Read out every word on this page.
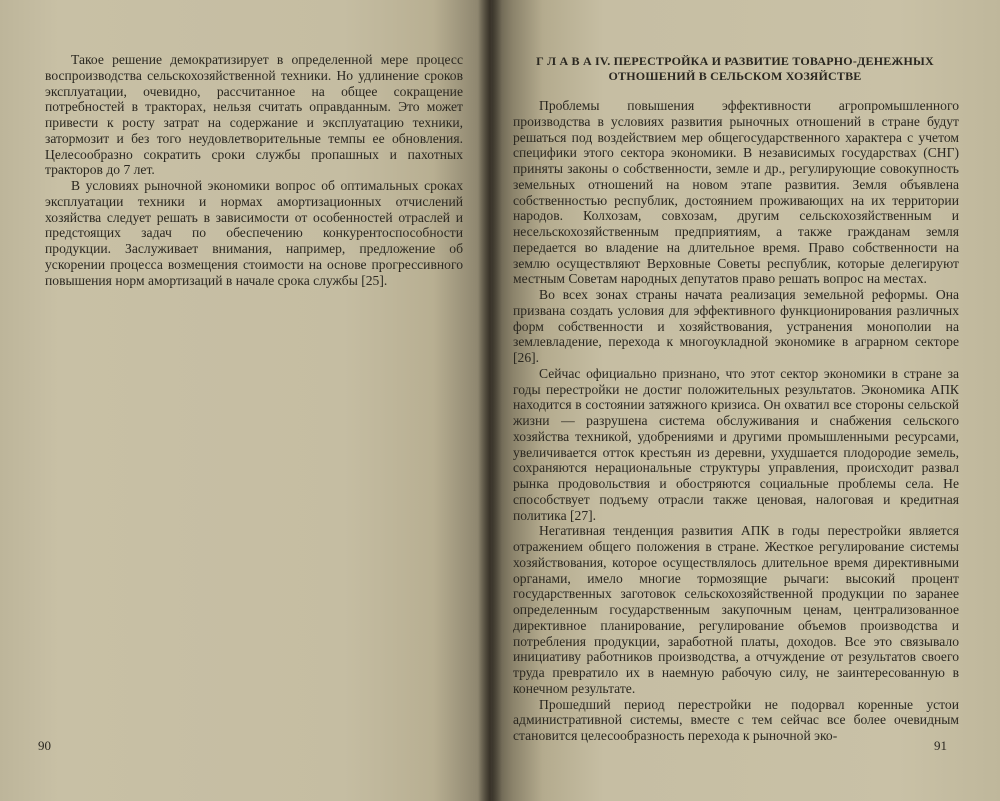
Такое решение демократизирует в определенной мере процесс воспроизводства сельскохозяйственной техники. Но удлинение сроков эксплуатации, очевидно, рассчитанное на общее сокращение потребностей в тракторах, нельзя считать оправданным. Это может привести к росту затрат на содержание и эксплуатацию техники, затормозит и без того неудовлетворительные темпы ее обновления. Целесообразно сократить сроки службы пропашных и пахотных тракторов до 7 лет.

В условиях рыночной экономики вопрос об оптимальных сроках эксплуатации техники и нормах амортизационных отчислений хозяйства следует решать в зависимости от особенностей отраслей и предстоящих задач по обеспечению конкурентоспособности продукции. Заслуживает внимания, например, предложение об ускорении процесса возмещения стоимости на основе прогрессивного повышения норм амортизаций в начале срока службы [25].

90
Г Л А В А IV. ПЕРЕСТРОЙКА И РАЗВИТИЕ ТОВАРНО-ДЕНЕЖНЫХ ОТНОШЕНИЙ В СЕЛЬСКОМ ХОЗЯЙСТВЕ

Проблемы повышения эффективности агропромышленного производства в условиях развития рыночных отношений в стране будут решаться под воздействием мер общегосударственного характера с учетом специфики этого сектора экономики. В независимых государствах (СНГ) приняты законы о собственности, земле и др., регулирующие совокупность земельных отношений на новом этапе развития. Земля объявлена собственностью республик, достоянием проживающих на их территории народов. Колхозам, совхозам, другим сельскохозяйственным и несельскохозяйственным предприятиям, а также гражданам земля передается во владение на длительное время. Право собственности на землю осуществляют Верховные Советы республик, которые делегируют местным Советам народных депутатов право решать вопрос на местах.

Во всех зонах страны начата реализация земельной реформы. Она призвана создать условия для эффективного функционирования различных форм собственности и хозяйствования, устранения монополии на землевладение, перехода к многоукладной экономике в аграрном секторе [26].

Сейчас официально признано, что этот сектор экономики в стране за годы перестройки не достиг положительных результатов. Экономика АПК находится в состоянии затяжного кризиса. Он охватил все стороны сельской жизни — разрушена система обслуживания и снабжения сельского хозяйства техникой, удобрениями и другими промышленными ресурсами, увеличивается отток крестьян из деревни, ухудшается плодородие земель, сохраняются нерациональные структуры управления, происходит развал рынка продовольствия и обостряются социальные проблемы села. Не способствует подъему отрасли также ценовая, налоговая и кредитная политика [27].

Негативная тенденция развития АПК в годы перестройки является отражением общего положения в стране. Жесткое регулирование системы хозяйствования, которое осуществлялось длительное время директивными органами, имело многие тормозящие рычаги: высокий процент государственных заготовок сельскохозяйственной продукции по заранее определенным государственным закупочным ценам, централизованное директивное планирование, регулирование объемов производства и потребления продукции, заработной платы, доходов. Все это связывало инициативу работников производства, а отчуждение от результатов своего труда превратило их в наемную рабочую силу, не заинтересованную в конечном результате.

Прошедший период перестройки не подорвал коренные устои административной системы, вместе с тем сейчас все более очевидным становится целесообразность перехода к рыночной эко-

91
